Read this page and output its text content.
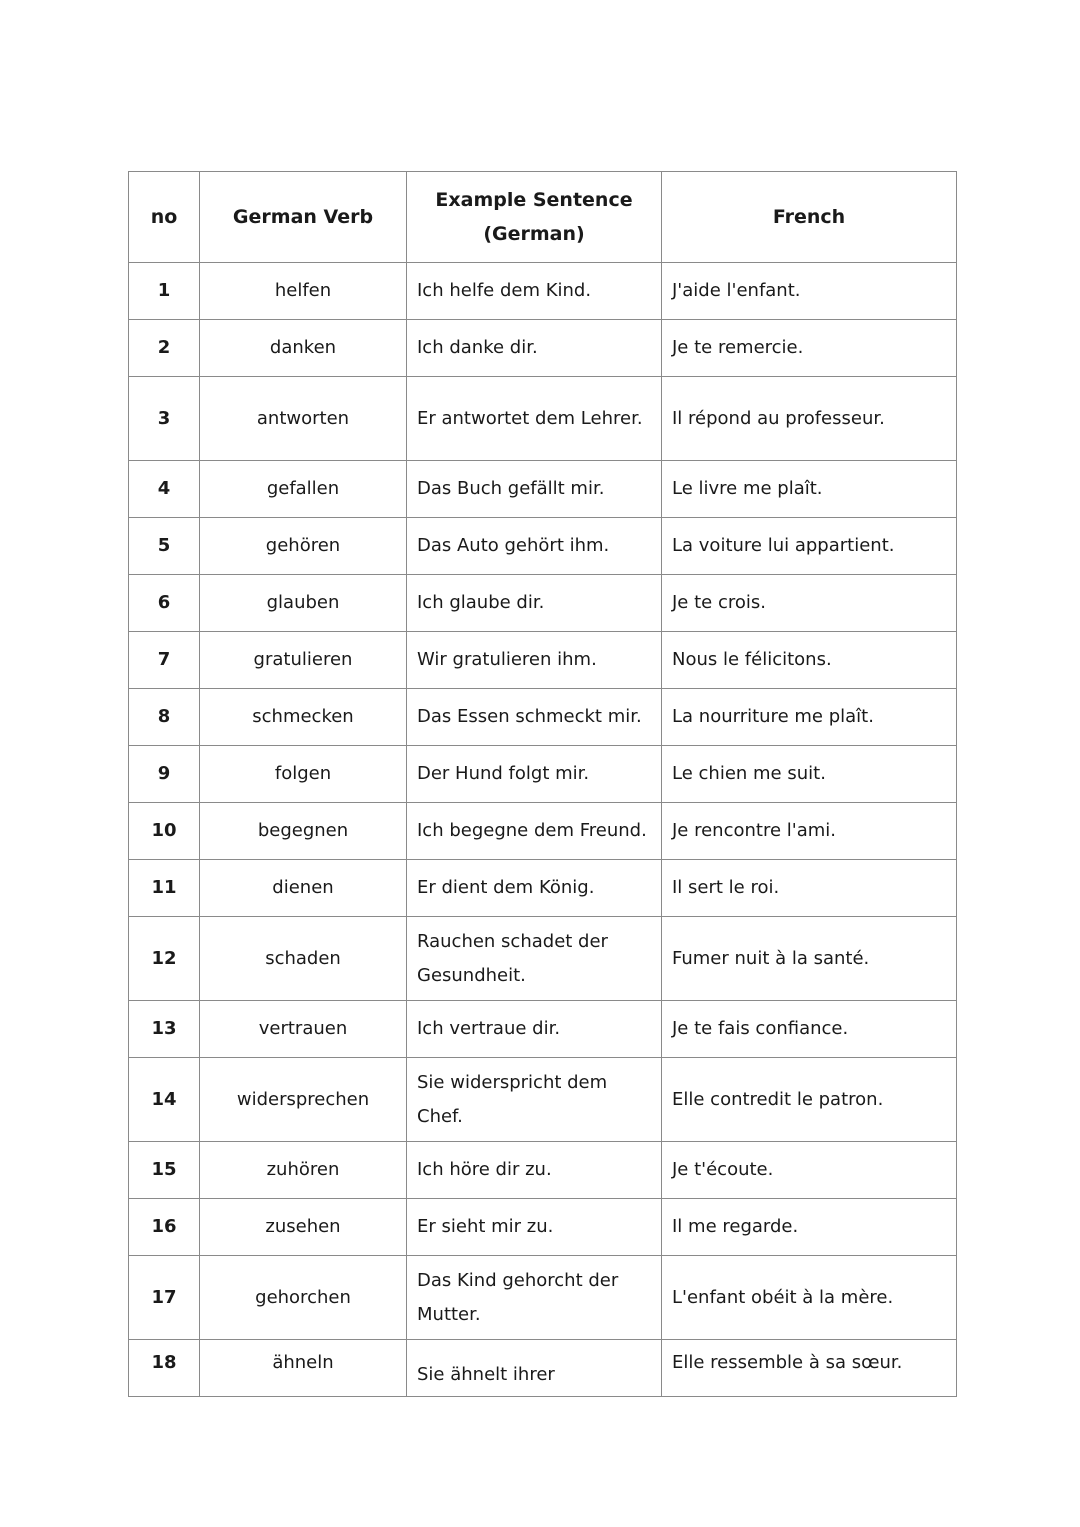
no	German Verb	Example Sentence (German)	French
1	helfen	Ich helfe dem Kind.	J'aide l'enfant.
2	danken	Ich danke dir.	Je te remercie.
3	antworten	Er antwortet dem Lehrer.	Il répond au professeur.
4	gefallen	Das Buch gefällt mir.	Le livre me plaît.
5	gehören	Das Auto gehört ihm.	La voiture lui appartient.
6	glauben	Ich glaube dir.	Je te crois.
7	gratulieren	Wir gratulieren ihm.	Nous le félicitons.
8	schmecken	Das Essen schmeckt mir.	La nourriture me plaît.
9	folgen	Der Hund folgt mir.	Le chien me suit.
10	begegnen	Ich begegne dem Freund.	Je rencontre l'ami.
11	dienen	Er dient dem König.	Il sert le roi.
12	schaden	Rauchen schadet der Gesundheit.	Fumer nuit à la santé.
13	vertrauen	Ich vertraue dir.	Je te fais confiance.
14	widersprechen	Sie widerspricht dem Chef.	Elle contredit le patron.
15	zuhören	Ich höre dir zu.	Je t'écoute.
16	zusehen	Er sieht mir zu.	Il me regarde.
17	gehorchen	Das Kind gehorcht der Mutter.	L'enfant obéit à la mère.
18	ähneln	Sie ähnelt ihrer	Elle ressemble à sa sœur.
